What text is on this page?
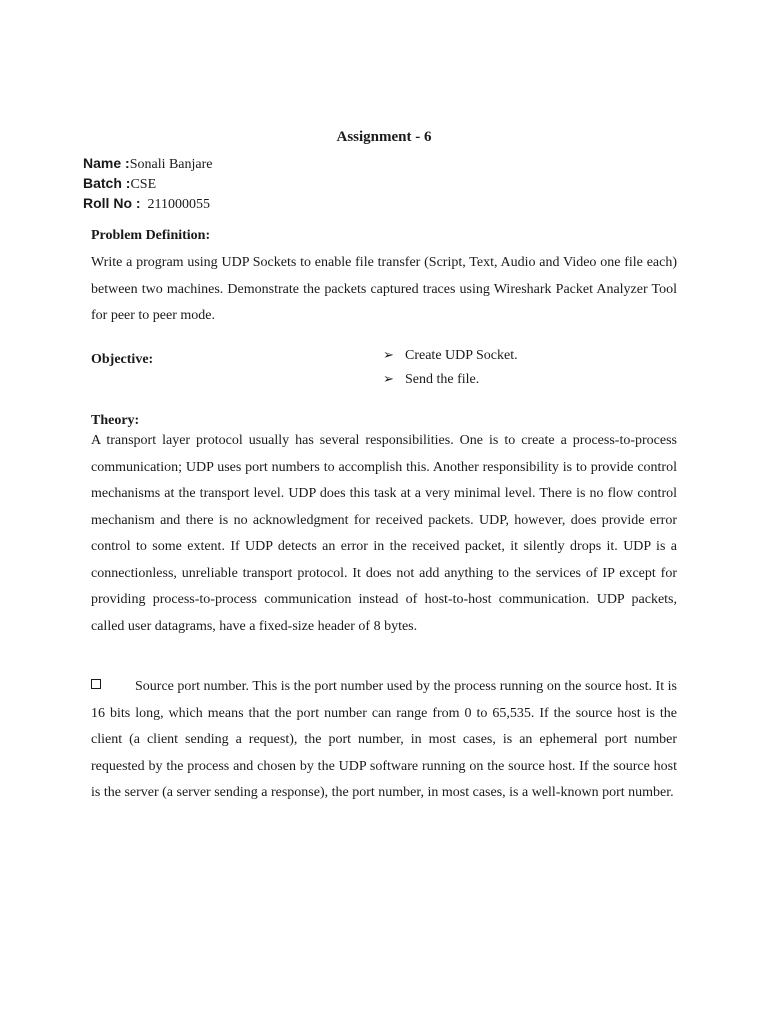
Assignment - 6
Name :Sonali Banjare
Batch :CSE
Roll No : 211000055
Problem Definition:
Write a program using UDP Sockets to enable file transfer (Script, Text, Audio and Video one file each) between two machines. Demonstrate the packets captured traces using Wireshark Packet Analyzer Tool for peer to peer mode.
Objective:	➢ Create UDP Socket.
➢ Send the file.
Theory:
A transport layer protocol usually has several responsibilities. One is to create a process-to-process communication; UDP uses port numbers to accomplish this. Another responsibility is to provide control mechanisms at the transport level. UDP does this task at a very minimal level. There is no flow control mechanism and there is no acknowledgment for received packets. UDP, however, does provide error control to some extent. If UDP detects an error in the received packet, it silently drops it. UDP is a connectionless, unreliable transport protocol. It does not add anything to the services of IP except for providing process-to-process communication instead of host-to-host communication. UDP packets, called user datagrams, have a fixed-size header of 8 bytes.
Source port number. This is the port number used by the process running on the source host. It is 16 bits long, which means that the port number can range from 0 to 65,535. If the source host is the client (a client sending a request), the port number, in most cases, is an ephemeral port number requested by the process and chosen by the UDP software running on the source host. If the source host is the server (a server sending a response), the port number, in most cases, is a well-known port number.
